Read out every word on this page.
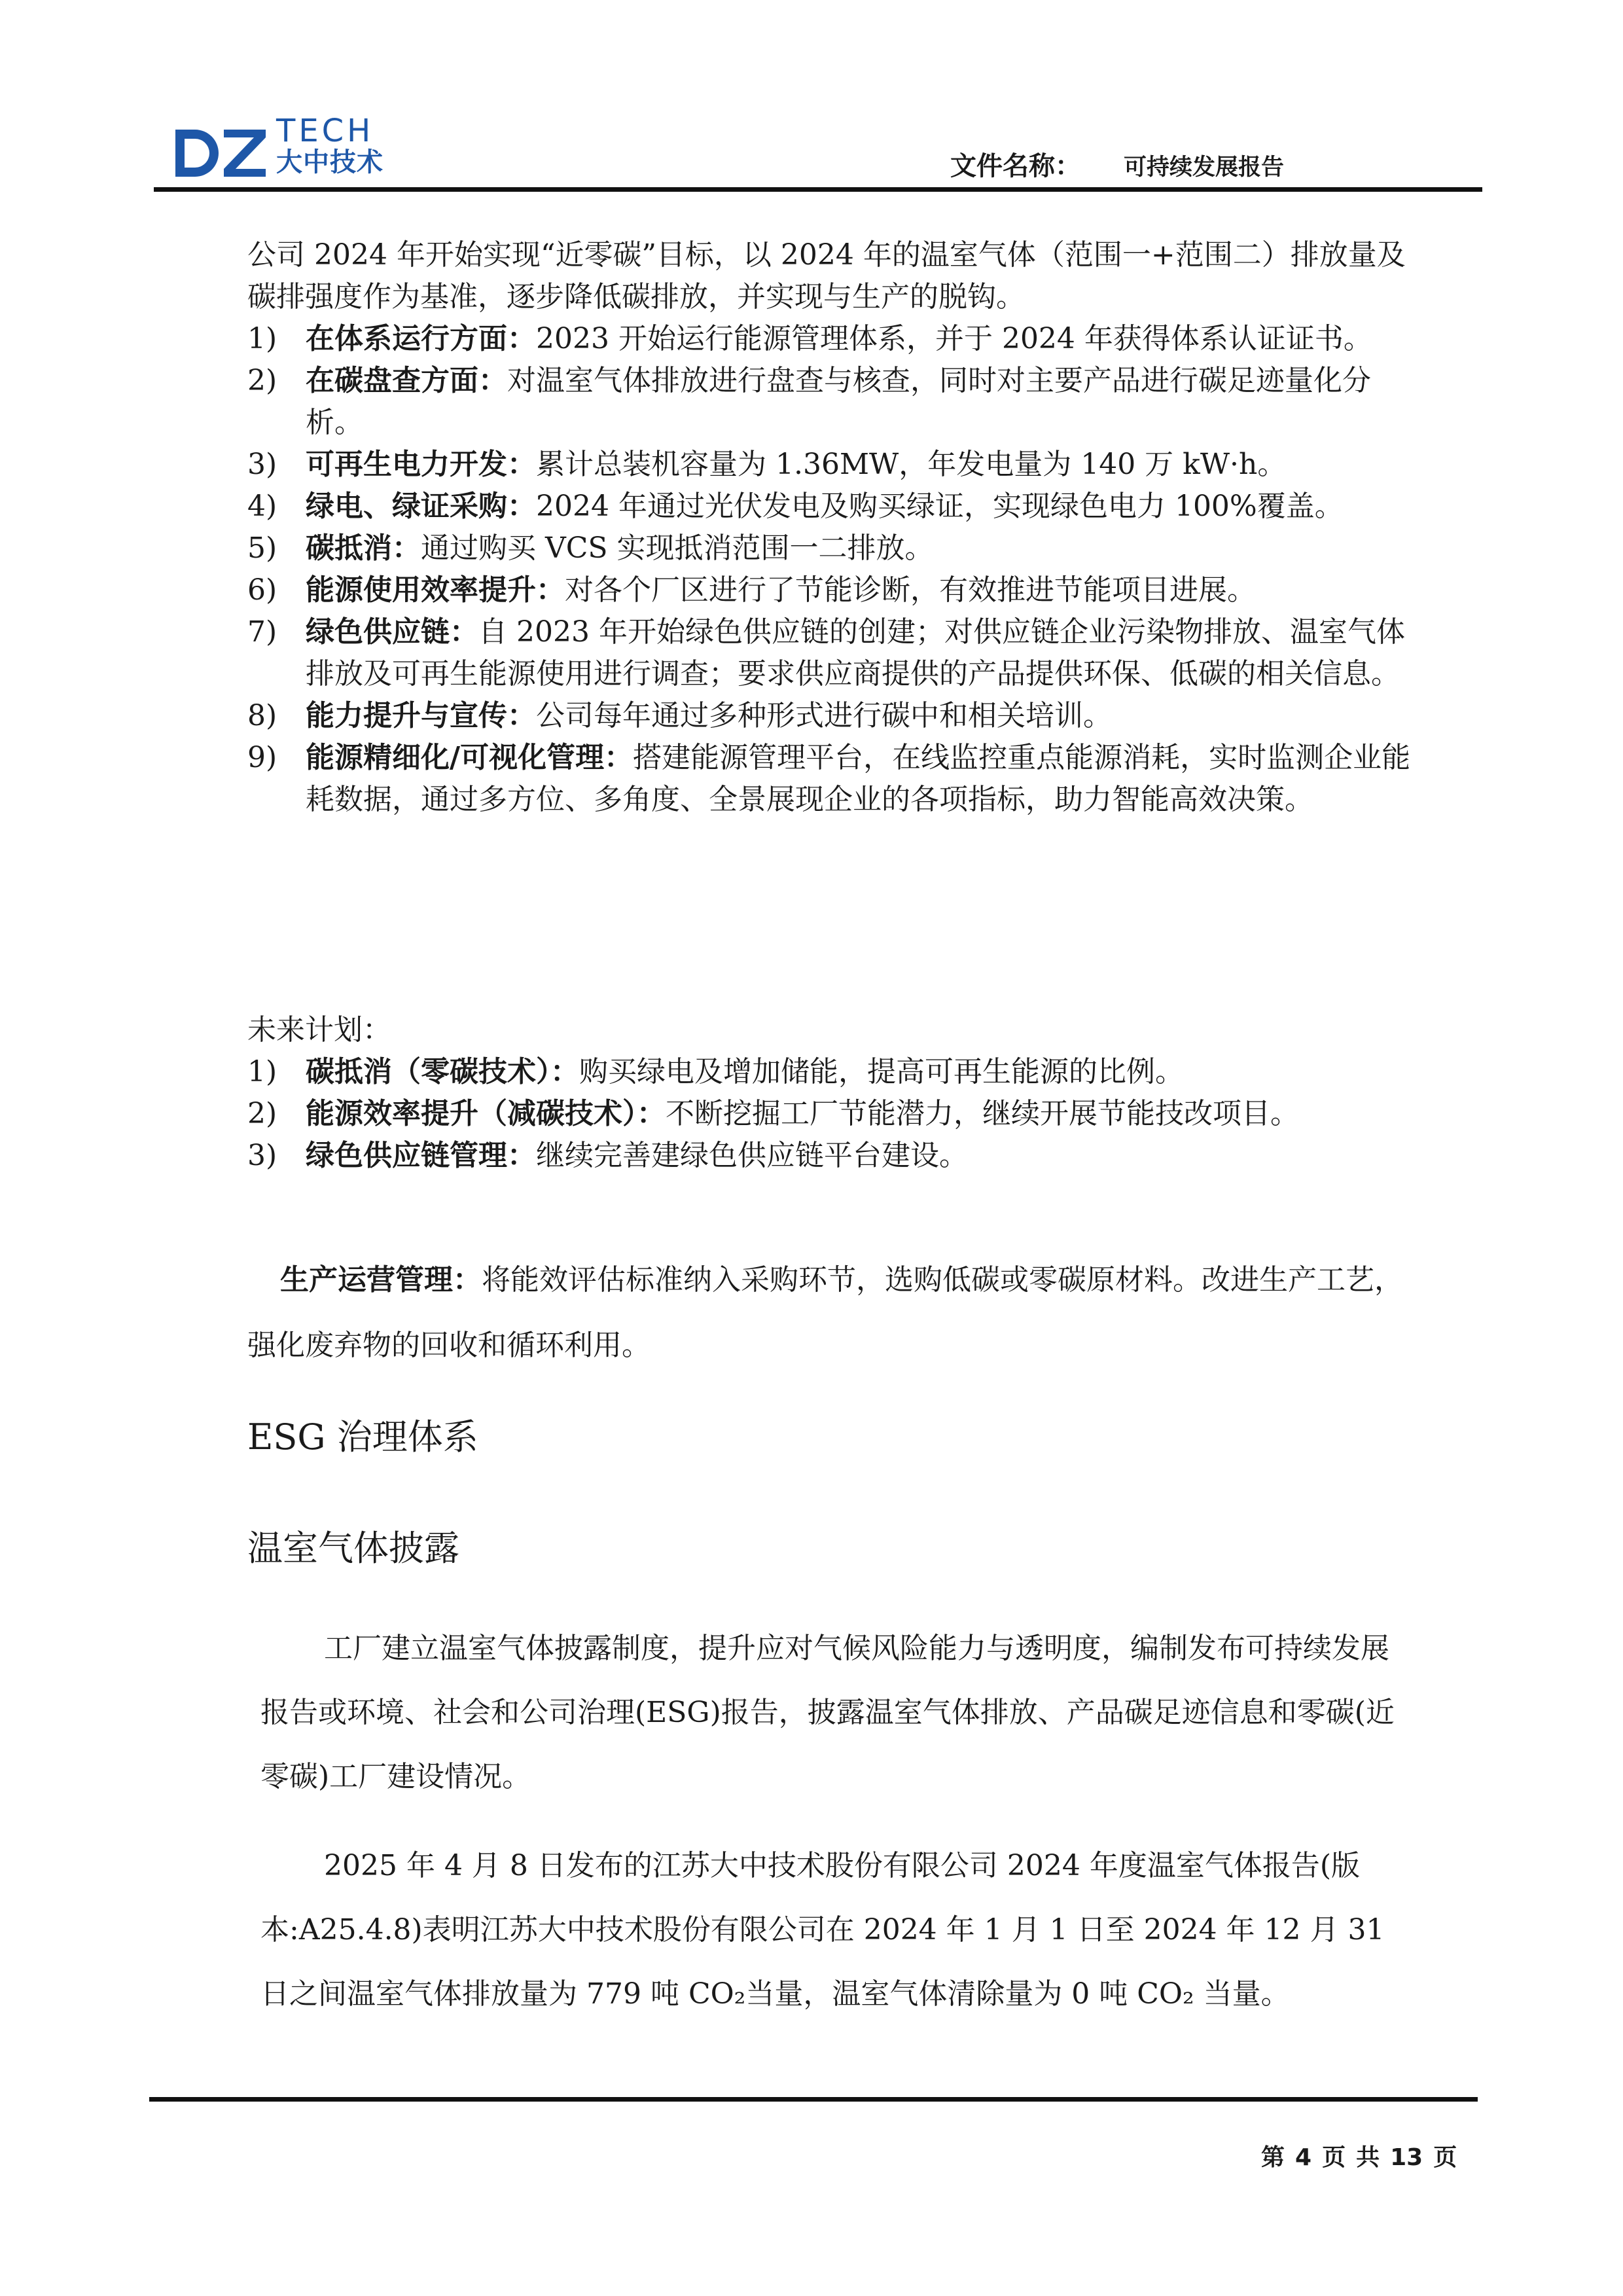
TECH
大中技术	文件名称： 可持续发展报告

公司 2024 年开始实现“近零碳”目标，以 2024 年的温室气体（范围一+范围二）排放量及碳排强度作为基准，逐步降低碳排放，并实现与生产的脱钩。

1) 在体系运行方面：2023 开始运行能源管理体系，并于 2024 年获得体系认证证书。
2) 在碳盘查方面：对温室气体排放进行盘查与核查，同时对主要产品进行碳足迹量化分析。
3) 可再生电力开发：累计总装机容量为 1.36MW，年发电量为 140 万 kW·h。
4) 绿电、绿证采购：2024 年通过光伏发电及购买绿证，实现绿色电力 100%覆盖。
5) 碳抵消：通过购买 VCS 实现抵消范围一二排放。
6) 能源使用效率提升：对各个厂区进行了节能诊断，有效推进节能项目进展。
7) 绿色供应链：自 2023 年开始绿色供应链的创建；对供应链企业污染物排放、温室气体排放及可再生能源使用进行调查；要求供应商提供的产品提供环保、低碳的相关信息。
8) 能力提升与宣传：公司每年通过多种形式进行碳中和相关培训。
9) 能源精细化/可视化管理：搭建能源管理平台，在线监控重点能源消耗，实时监测企业能耗数据，通过多方位、多角度、全景展现企业的各项指标，助力智能高效决策。

未来计划：

1) 碳抵消（零碳技术）：购买绿电及增加储能，提高可再生能源的比例。
2) 能源效率提升（减碳技术）：不断挖掘工厂节能潜力，继续开展节能技改项目。
3) 绿色供应链管理：继续完善建绿色供应链平台建设。

生产运营管理：将能效评估标准纳入采购环节，选购低碳或零碳原材料。改进生产工艺，强化废弃物的回收和循环利用。

ESG 治理体系
温室气体披露

工厂建立温室气体披露制度，提升应对气候风险能力与透明度，编制发布可持续发展报告或环境、社会和公司治理(ESG)报告，披露温室气体排放、产品碳足迹信息和零碳(近零碳)工厂建设情况。

2025 年 4 月 8 日发布的江苏大中技术股份有限公司 2024 年度温室气体报告(版本:A25.4.8)表明江苏大中技术股份有限公司在 2024 年 1 月 1 日至 2024 年 12 月 31 日之间温室气体排放量为 779 吨 CO₂当量，温室气体清除量为 0 吨 CO₂ 当量。

第 4 页 共 13 页
